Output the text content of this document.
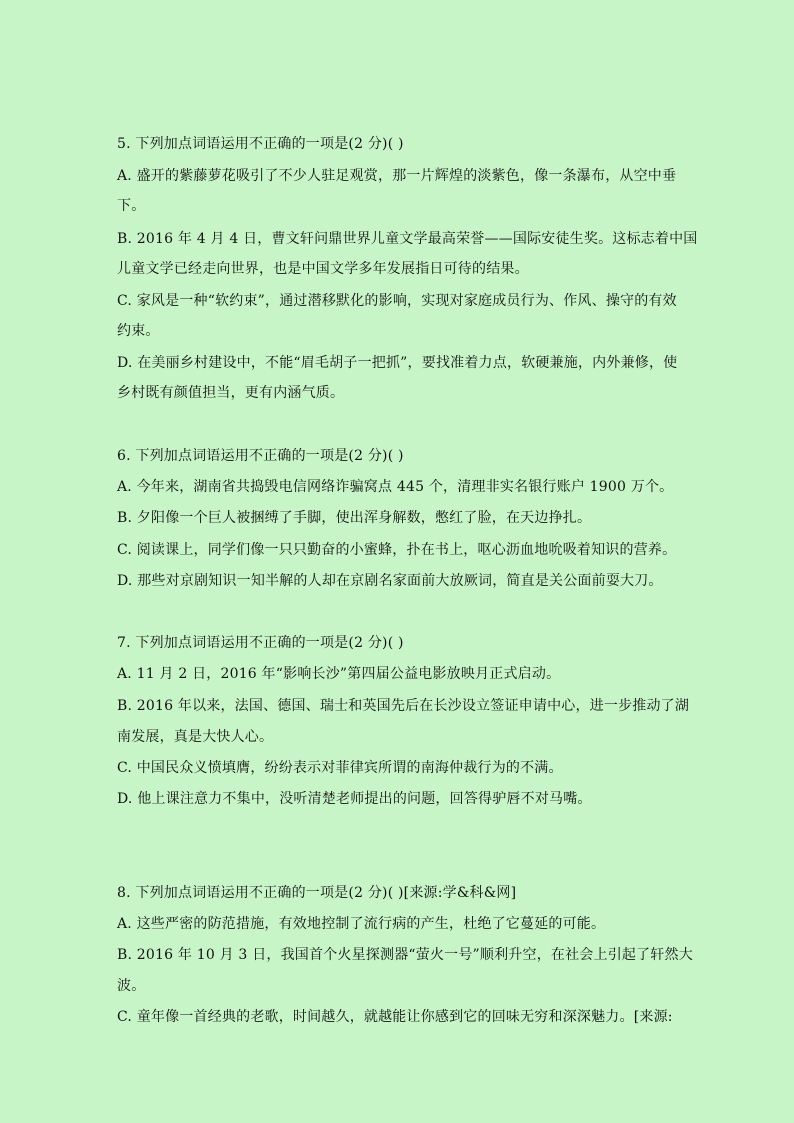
5. 下列加点词语运用不正确的一项是(2 分)( )
A. 盛开的紫藤萝花吸引了不少人驻足观赏，那一片辉煌的淡紫色，像一条瀑布，从空中垂
下。
B. 2016 年 4 月 4 日，曹文轩问鼎世界儿童文学最高荣誉——国际安徒生奖。这标志着中国
儿童文学已经走向世界，也是中国文学多年发展指日可待的结果。
C. 家风是一种“软约束”，通过潜移默化的影响，实现对家庭成员行为、作风、操守的有效
约束。
D. 在美丽乡村建设中，不能“眉毛胡子一把抓”，要找准着力点，软硬兼施，内外兼修，使
乡村既有颜值担当，更有内涵气质。
6. 下列加点词语运用不正确的一项是(2 分)( )
A. 今年来，湖南省共捣毁电信网络诈骗窝点 445 个，清理非实名银行账户 1900 万个。
B. 夕阳像一个巨人被捆缚了手脚，使出浑身解数，憋红了脸，在天边挣扎。
C. 阅读课上，同学们像一只只勤奋的小蜜蜂，扑在书上，呕心沥血地吮吸着知识的营养。
D. 那些对京剧知识一知半解的人却在京剧名家面前大放厥词，简直是关公面前耍大刀。
7. 下列加点词语运用不正确的一项是(2 分)( )
A. 11 月 2 日，2016 年“影响长沙”第四届公益电影放映月正式启动。
B. 2016 年以来，法国、德国、瑞士和英国先后在长沙设立签证申请中心，进一步推动了湖
南发展，真是大快人心。
C. 中国民众义愤填膺，纷纷表示对菲律宾所谓的南海仲裁行为的不满。
D. 他上课注意力不集中，没听清楚老师提出的问题，回答得驴唇不对马嘴。
8. 下列加点词语运用不正确的一项是(2 分)( )[来源:学&科&网]
A. 这些严密的防范措施，有效地控制了流行病的产生，杜绝了它蔓延的可能。
B. 2016 年 10 月 3 日，我国首个火星探测器“萤火一号”顺利升空，在社会上引起了轩然大
波。
C. 童年像一首经典的老歌，时间越久，就越能让你感到它的回味无穷和深深魅力。[来源:
